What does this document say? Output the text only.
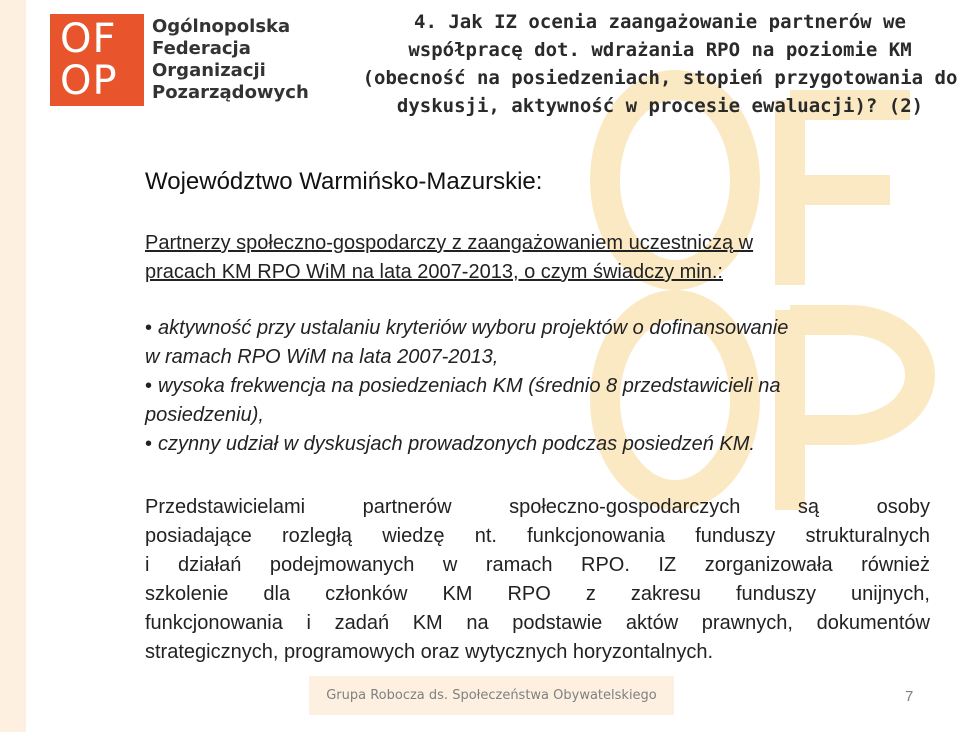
OF
OP
Ogólnopolska
Federacja
Organizacji
Pozarządowych
4. Jak IZ ocenia zaangażowanie partnerów we
współpracę dot. wdrażania RPO na poziomie KM
(obecność na posiedzeniach, stopień przygotowania do
dyskusji, aktywność w procesie ewaluacji)? (2)
Województwo Warmińsko-Mazurskie:
Partnerzy społeczno-gospodarczy z zaangażowaniem uczestniczą w
pracach KM RPO WiM na lata 2007-2013, o czym świadczy min.:
• aktywność przy ustalaniu kryteriów wyboru projektów o dofinansowanie
w ramach RPO WiM na lata 2007-2013,
• wysoka frekwencja na posiedzeniach KM (średnio 8 przedstawicieli na
posiedzeniu),
• czynny udział w dyskusjach prowadzonych podczas posiedzeń KM.
Przedstawicielami partnerów społeczno-gospodarczych są osoby
posiadające rozległą wiedzę nt. funkcjonowania funduszy strukturalnych
i działań podejmowanych w ramach RPO. IZ zorganizowała również
szkolenie dla członków KM RPO z zakresu funduszy unijnych,
funkcjonowania i zadań KM na podstawie aktów prawnych, dokumentów
strategicznych, programowych oraz wytycznych horyzontalnych.
Grupa Robocza ds. Społeczeństwa Obywatelskiego	7
